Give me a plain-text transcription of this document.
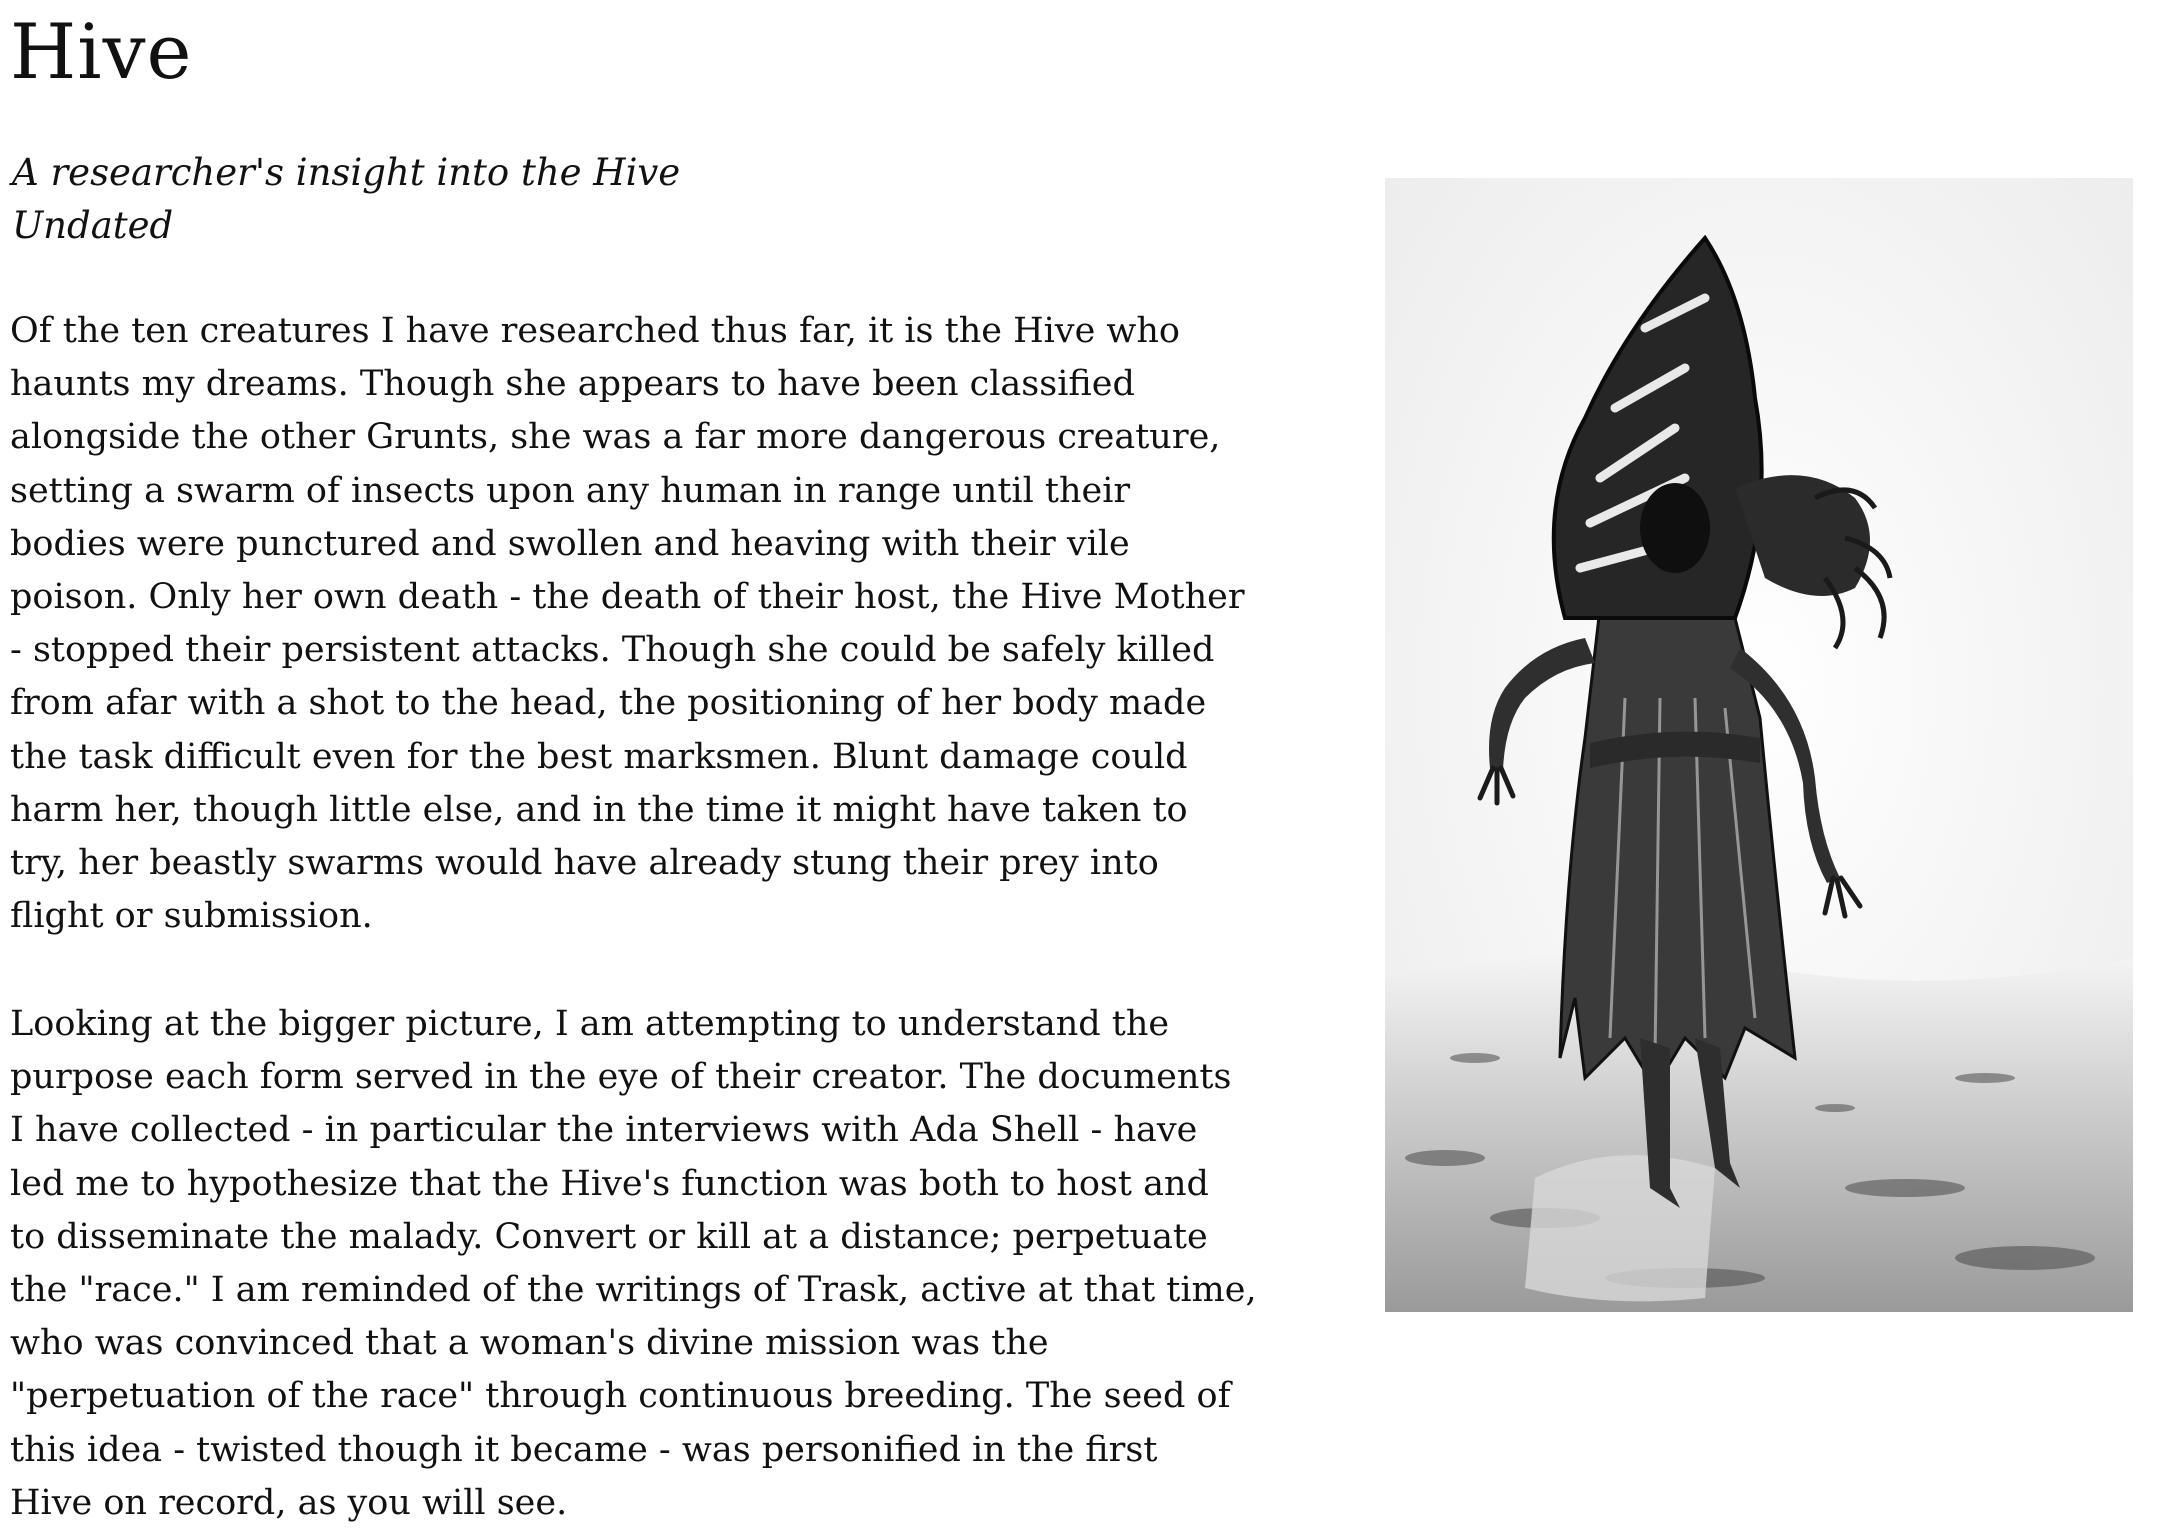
Hive
A researcher's insight into the Hive
Undated
Of the ten creatures I have researched thus far, it is the Hive who
haunts my dreams. Though she appears to have been classified
alongside the other Grunts, she was a far more dangerous creature,
setting a swarm of insects upon any human in range until their
bodies were punctured and swollen and heaving with their vile
poison. Only her own death - the death of their host, the Hive Mother
- stopped their persistent attacks. Though she could be safely killed
from afar with a shot to the head, the positioning of her body made
the task difficult even for the best marksmen. Blunt damage could
harm her, though little else, and in the time it might have taken to
try, her beastly swarms would have already stung their prey into
flight or submission.
Looking at the bigger picture, I am attempting to understand the
purpose each form served in the eye of their creator. The documents
I have collected - in particular the interviews with Ada Shell - have
led me to hypothesize that the Hive's function was both to host and
to disseminate the malady. Convert or kill at a distance; perpetuate
the "race." I am reminded of the writings of Trask, active at that time,
who was convinced that a woman's divine mission was the
"perpetuation of the race" through continuous breeding. The seed of
this idea - twisted though it became - was personified in the first
Hive on record, as you will see.
